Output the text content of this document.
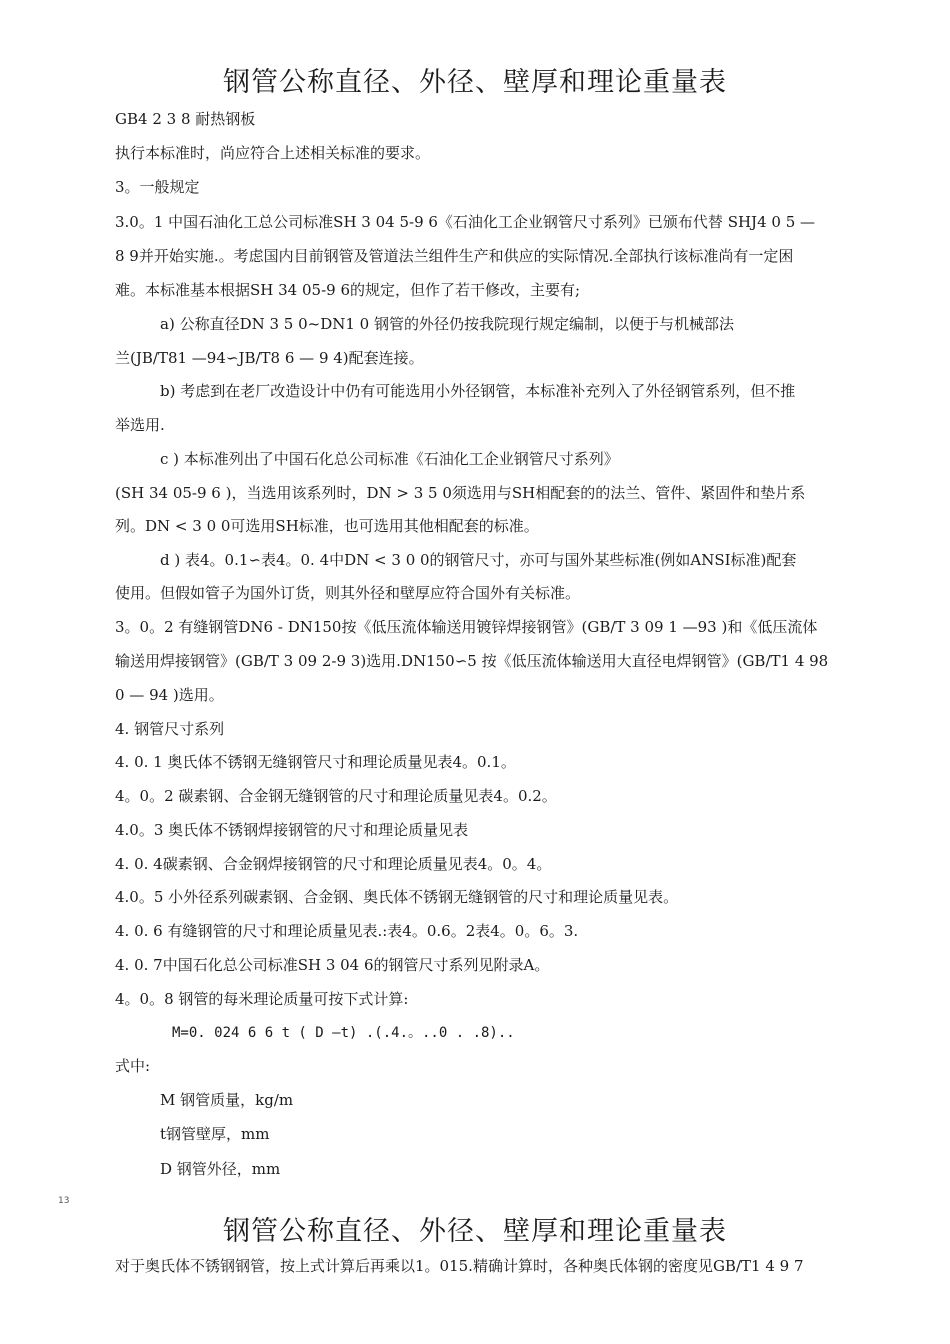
钢管公称直径、外径、壁厚和理论重量表
GB4 2 3 8 耐热钢板
执行本标准时，尚应符合上述相关标准的要求。
3。一般规定
3.0。1 中国石油化工总公司标准SH 3 04 5-9 6《石油化工企业钢管尺寸系列》已颁布代替 SHJ4 0 5 —
8 9并开始实施.。考虑国内目前钢管及管道法兰组件生产和供应的实际情况.全部执行该标准尚有一定困
难。本标准基本根据SH 34 05-9 6的规定，但作了若干修改，主要有;
a) 公称直径DN 3 5 0~DN1 0 钢管的外径仍按我院现行规定编制，以便于与机械部法
兰(JB/T81 —94∽JB/T8 6 — 9 4)配套连接。
b) 考虑到在老厂改造设计中仍有可能选用小外径钢管，本标准补充列入了外径钢管系列，但不推
举选用.
c ) 本标准列出了中国石化总公司标准《石油化工企业钢管尺寸系列》
(SH 34 05-9 6 )，当选用该系列时，DN > 3 5 0须选用与SH相配套的的法兰、管件、紧固件和垫片系
列。DN < 3 0 0可选用SH标准，也可选用其他相配套的标准。
d ) 表4。0.1∽表4。0. 4中DN < 3 0 0的钢管尺寸，亦可与国外某些标准(例如ANSI标准)配套
使用。但假如管子为国外订货，则其外径和壁厚应符合国外有关标准。
3。0。2 有缝钢管DN6 - DN150按《低压流体输送用镀锌焊接钢管》(GB/T 3 09 1 —93 )和《低压流体
输送用焊接钢管》(GB/T 3 09 2-9 3)选用.DN150∽5 按《低压流体输送用大直径电焊钢管》(GB/T1 4 98
0 — 94 )选用。
4. 钢管尺寸系列
4. 0. 1 奥氏体不锈钢无缝钢管尺寸和理论质量见表4。0.1。
4。0。2 碳素钢、合金钢无缝钢管的尺寸和理论质量见表4。0.2。
4.0。3 奥氏体不锈钢焊接钢管的尺寸和理论质量见表
4. 0. 4碳素钢、合金钢焊接钢管的尺寸和理论质量见表4。0。4。
4.0。5 小外径系列碳素钢、合金钢、奥氏体不锈钢无缝钢管的尺寸和理论质量见表。
4. 0. 6 有缝钢管的尺寸和理论质量见表.:表4。0.6。2表4。0。6。3.
4. 0. 7中国石化总公司标准SH 3 04 6的钢管尺寸系列见附录A。
4。0。8 钢管的每米理论质量可按下式计算:
M=0. 024 6 6 t ( D —t) .(.4.。..0 . .8)..
式中:
M 钢管质量，kg/m
t钢管壁厚，mm
D 钢管外径，mm
13
钢管公称直径、外径、壁厚和理论重量表
对于奥氏体不锈钢钢管，按上式计算后再乘以1。015.精确计算时，各种奥氏体钢的密度见GB/T1 4 9 7
